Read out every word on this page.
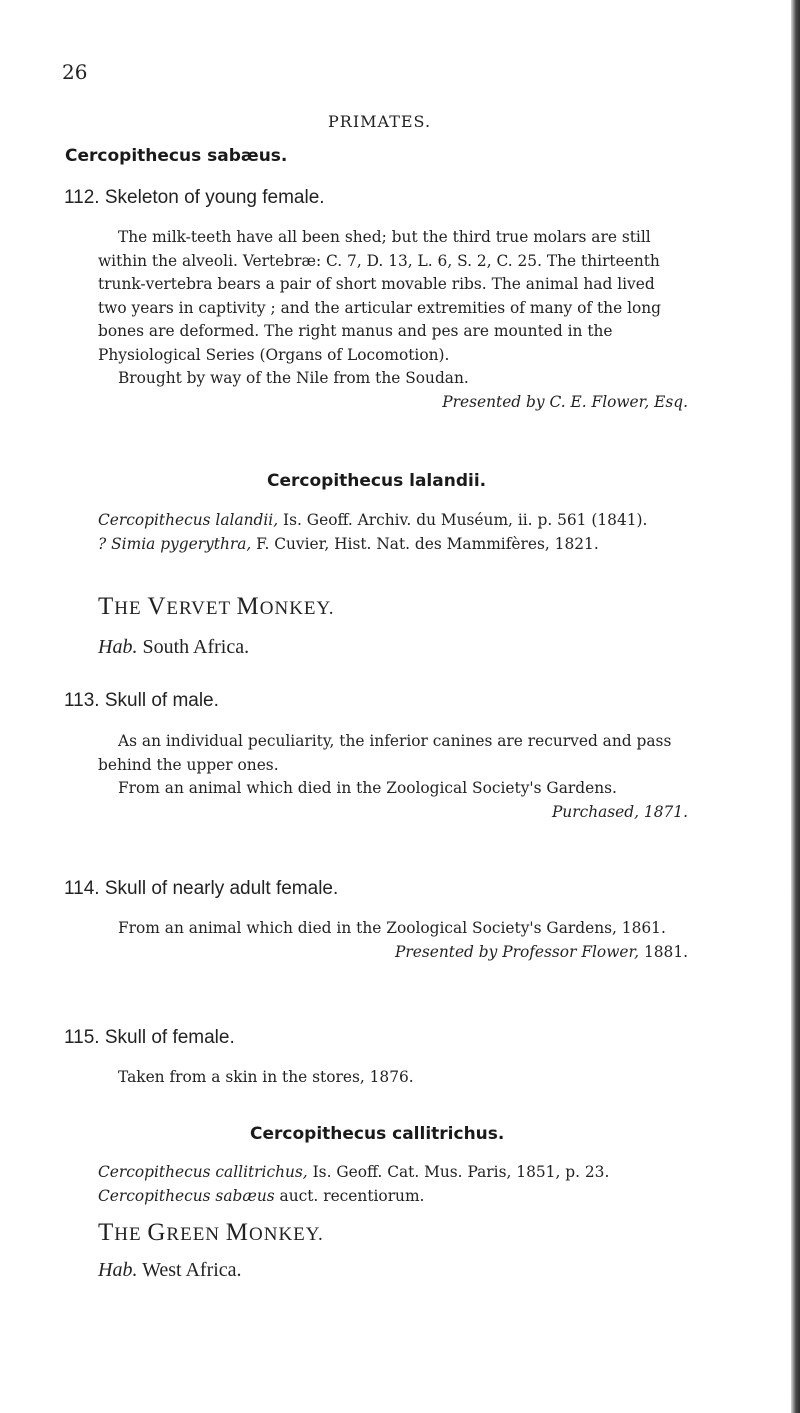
26
PRIMATES.
Cercopithecus sabæus.
112. Skeleton of young female.

The milk-teeth have all been shed; but the third true molars are still within the alveoli. Vertebræ: C. 7, D. 13, L. 6, S. 2, C. 25. The thirteenth trunk-vertebra bears a pair of short movable ribs. The animal had lived two years in captivity ; and the articular extremities of many of the long bones are deformed. The right manus and pes are mounted in the Physiological Series (Organs of Locomotion).

Brought by way of the Nile from the Soudan.

Presented by C. E. Flower, Esq.

Cercopithecus lalandii.

Cercopithecus lalandii, Is. Geoff. Archiv. du Muséum, ii. p. 561 (1841).

? Simia pygerythra, F. Cuvier, Hist. Nat. des Mammifères, 1821.

THE VERVET MONKEY.
Hab. South Africa.
113. Skull of male.

As an individual peculiarity, the inferior canines are recurved and pass behind the upper ones.

From an animal which died in the Zoological Society's Gardens.

Purchased, 1871.

114. Skull of nearly adult female.

From an animal which died in the Zoological Society's Gardens, 1861.

Presented by Professor Flower, 1881.

115. Skull of female.

Taken from a skin in the stores, 1876.

Cercopithecus callitrichus.

Cercopithecus callitrichus, Is. Geoff. Cat. Mus. Paris, 1851, p. 23.

Cercopithecus sabæus auct. recentiorum.

THE GREEN MONKEY.
Hab. West Africa.
